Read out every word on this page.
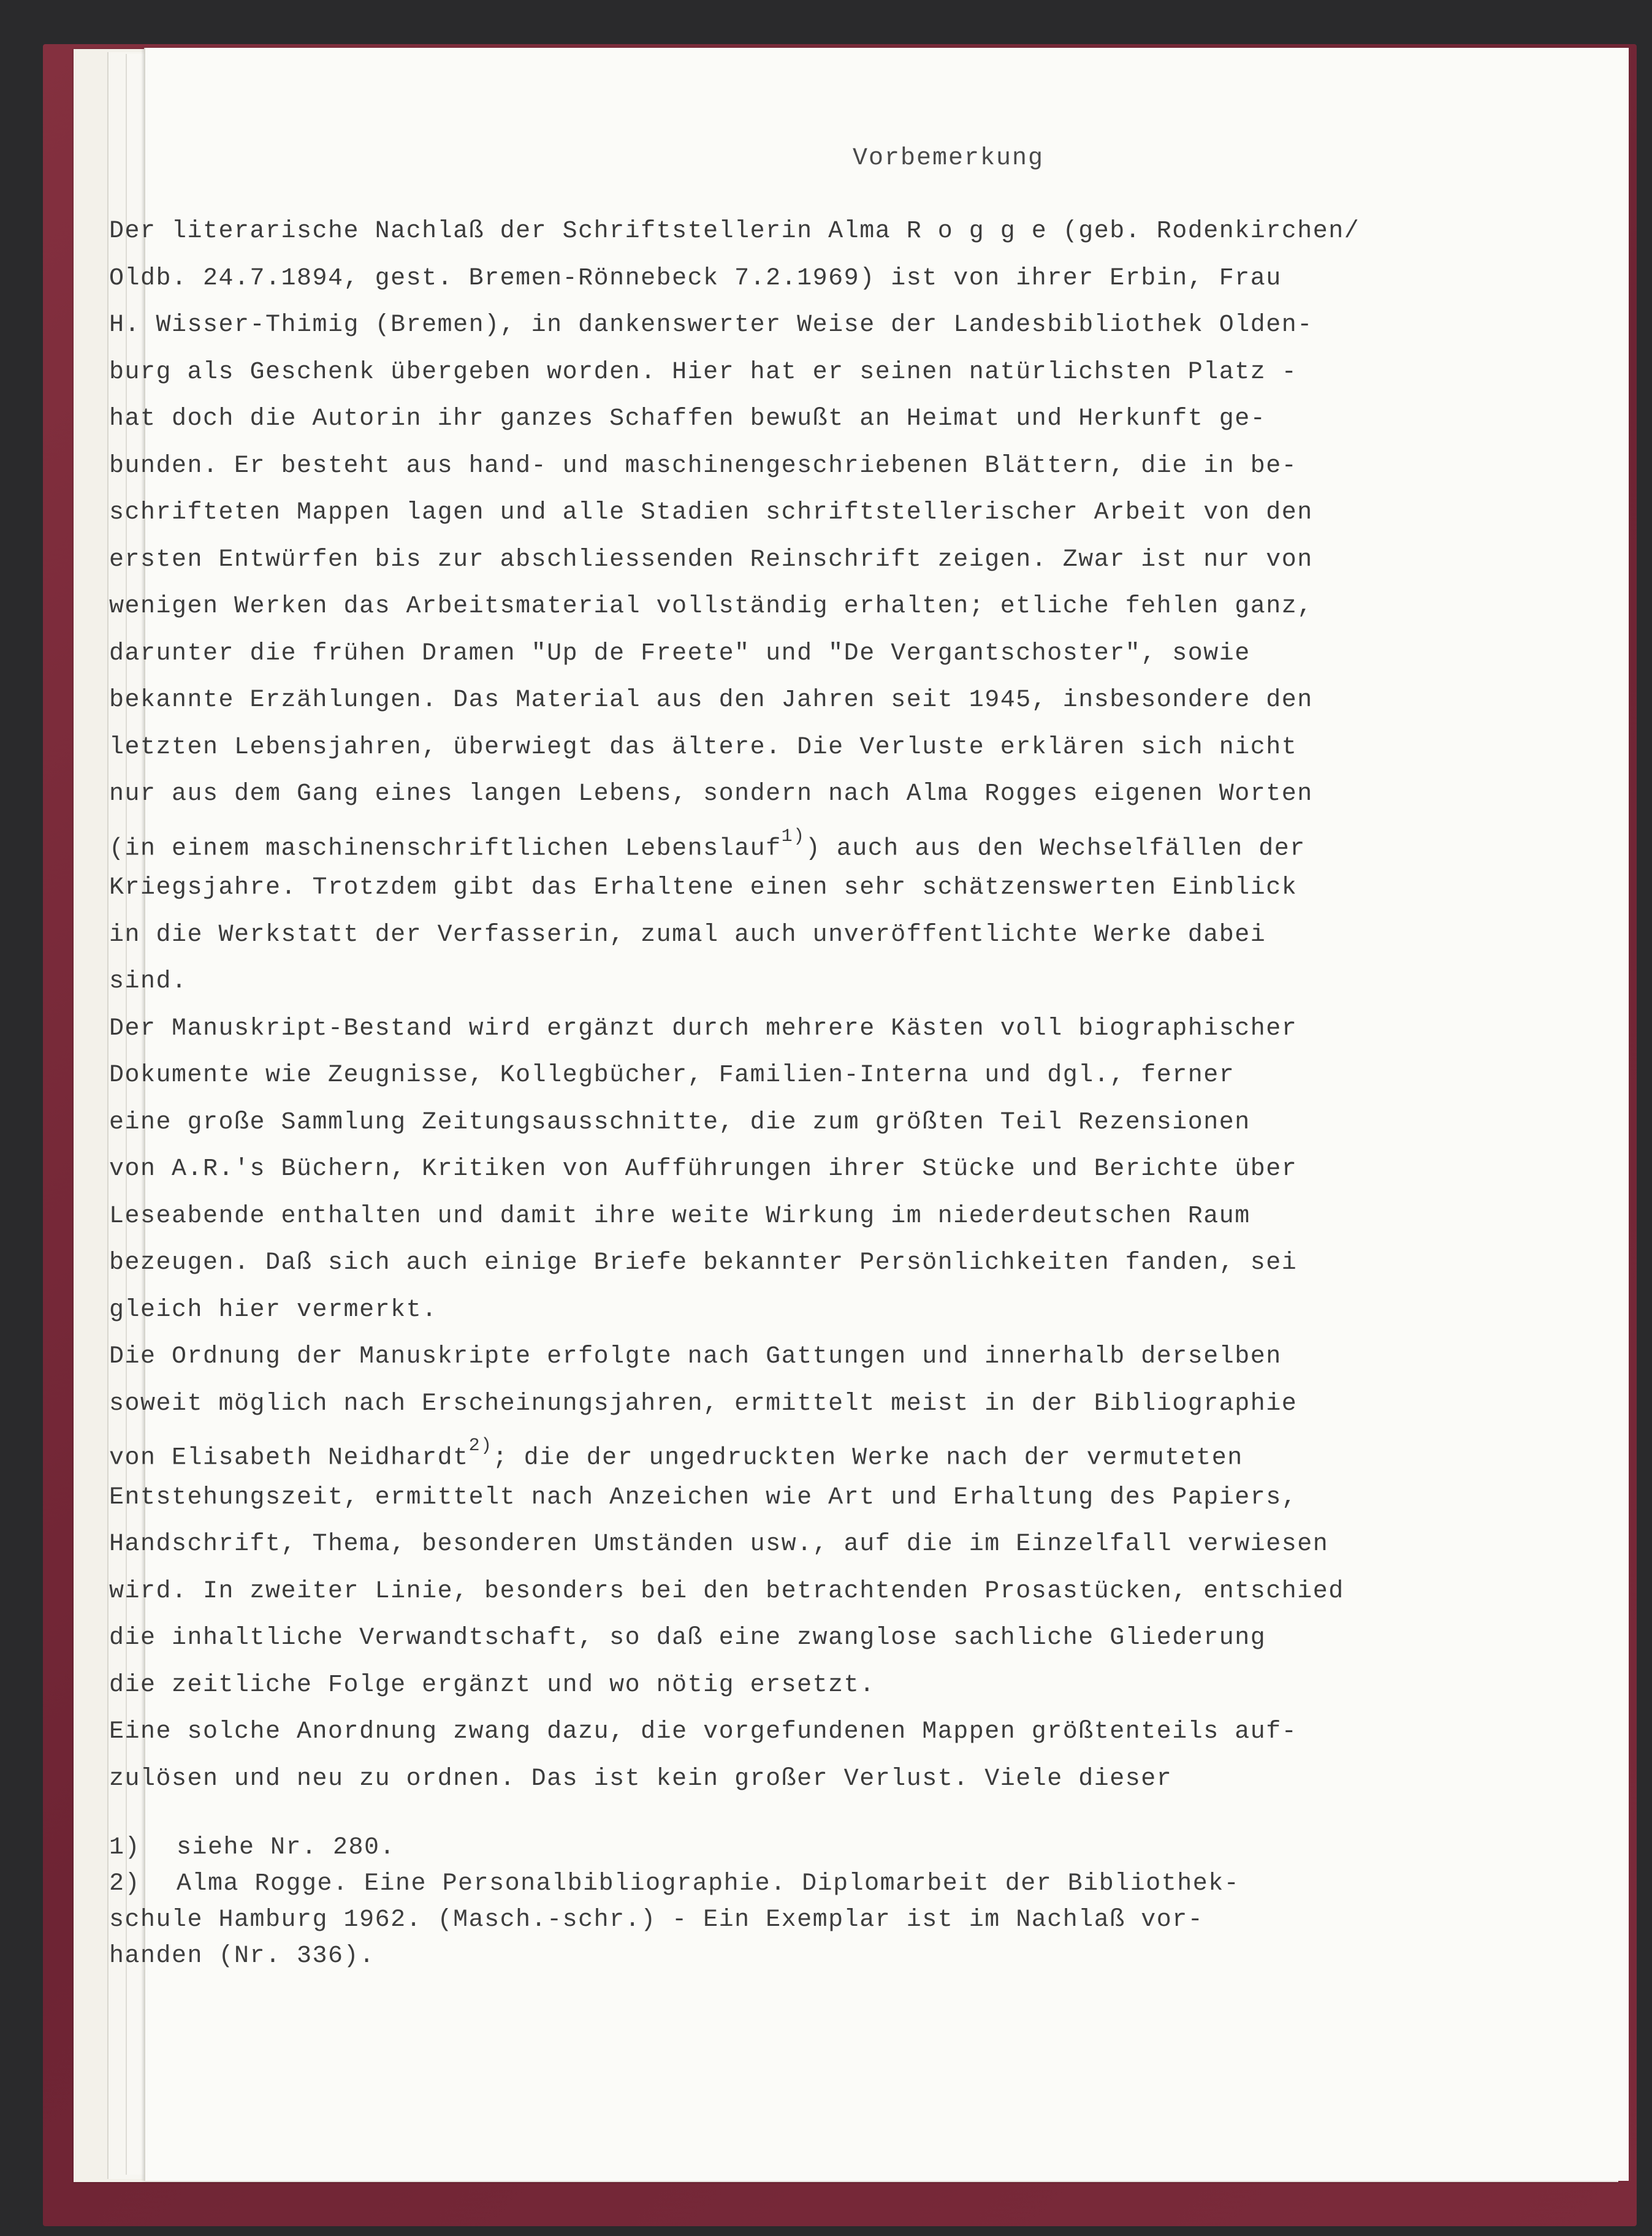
Vorbemerkung
Der literarische Nachlaß der Schriftstellerin Alma R o g g e (geb. Rodenkirchen/
Oldb. 24.7.1894, gest. Bremen-Rönnebeck 7.2.1969) ist von ihrer Erbin, Frau
H. Wisser-Thimig (Bremen), in dankenswerter Weise der Landesbibliothek Olden-
burg als Geschenk übergeben worden. Hier hat er seinen natürlichsten Platz -
hat doch die Autorin ihr ganzes Schaffen bewußt an Heimat und Herkunft ge-
bunden. Er besteht aus hand- und maschinengeschriebenen Blättern, die in be-
schrifteten Mappen lagen und alle Stadien schriftstellerischer Arbeit von den
ersten Entwürfen bis zur abschliessenden Reinschrift zeigen. Zwar ist nur von
wenigen Werken das Arbeitsmaterial vollständig erhalten; etliche fehlen ganz,
darunter die frühen Dramen "Up de Freete" und "De Vergantschoster", sowie
bekannte Erzählungen. Das Material aus den Jahren seit 1945, insbesondere den
letzten Lebensjahren, überwiegt das ältere. Die Verluste erklären sich nicht
nur aus dem Gang eines langen Lebens, sondern nach Alma Rogges eigenen Worten
(in einem maschinenschriftlichen Lebenslauf$^{1)}$) auch aus den Wechselfällen der
Kriegsjahre. Trotzdem gibt das Erhaltene einen sehr schätzenswerten Einblick
in die Werkstatt der Verfasserin, zumal auch unveröffentlichte Werke dabei
sind.
Der Manuskript-Bestand wird ergänzt durch mehrere Kästen voll biographischer
Dokumente wie Zeugnisse, Kollegbücher, Familien-Interna und dgl., ferner
eine große Sammlung Zeitungsausschnitte, die zum größten Teil Rezensionen
von A.R.'s Büchern, Kritiken von Aufführungen ihrer Stücke und Berichte über
Leseabende enthalten und damit ihre weite Wirkung im niederdeutschen Raum
bezeugen. Daß sich auch einige Briefe bekannter Persönlichkeiten fanden, sei
gleich hier vermerkt.
Die Ordnung der Manuskripte erfolgte nach Gattungen und innerhalb derselben
soweit möglich nach Erscheinungsjahren, ermittelt meist in der Bibliographie
von Elisabeth Neidhardt$^{2)}$; die der ungedruckten Werke nach der vermuteten
Entstehungszeit, ermittelt nach Anzeichen wie Art und Erhaltung des Papiers,
Handschrift, Thema, besonderen Umständen usw., auf die im Einzelfall verwiesen
wird. In zweiter Linie, besonders bei den betrachtenden Prosastücken, entschied
die inhaltliche Verwandtschaft, so daß eine zwanglose sachliche Gliederung
die zeitliche Folge ergänzt und wo nötig ersetzt.
Eine solche Anordnung zwang dazu, die vorgefundenen Mappen größtenteils auf-
zulösen und neu zu ordnen. Das ist kein großer Verlust. Viele dieser
1) siehe Nr. 280.
2) Alma Rogge. Eine Personalbibliographie. Diplomarbeit der Bibliothek-
schule Hamburg 1962. (Masch.-schr.) - Ein Exemplar ist im Nachlaß vor-
handen (Nr. 336).
